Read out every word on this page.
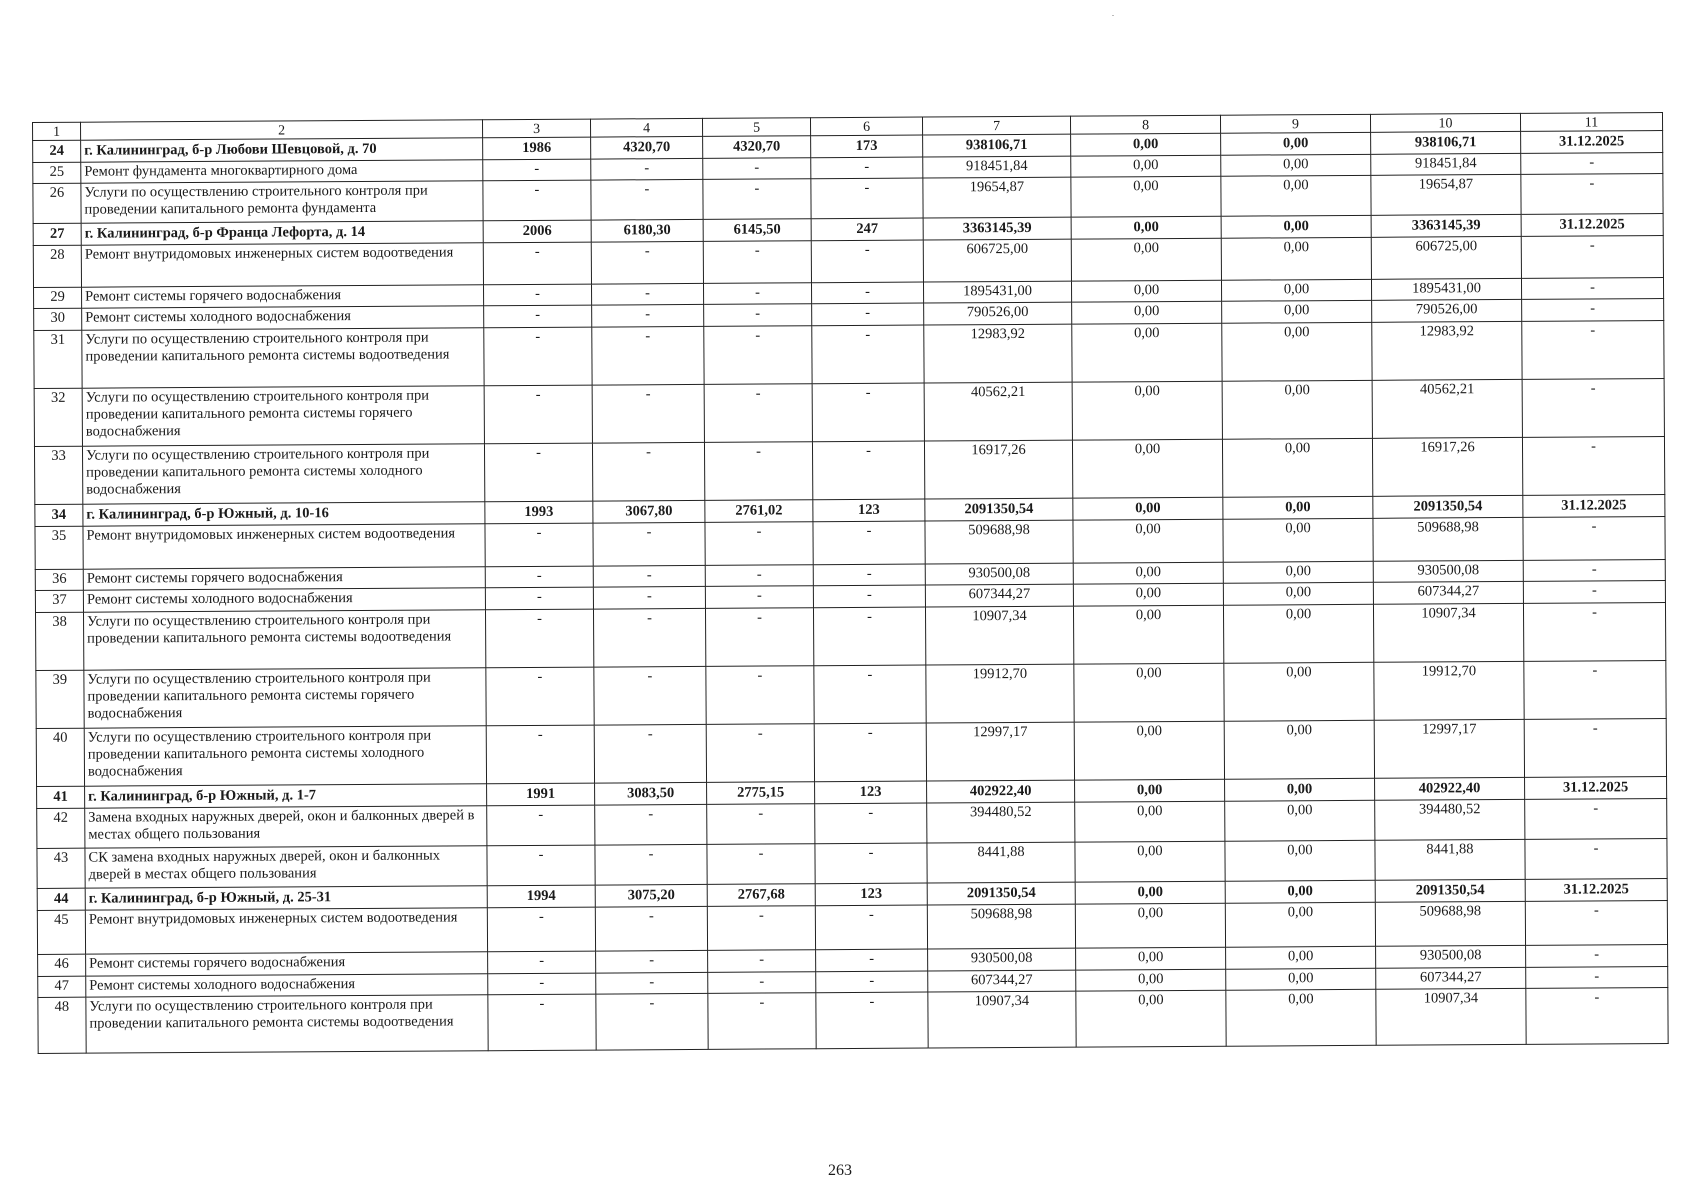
1	2	3	4	5	6	7	8	9	10	11
24	г. Калининград, б-р Любови Шевцовой, д. 70	1986	4320,70	4320,70	173	938106,71	0,00	0,00	938106,71	31.12.2025
25	Ремонт фундамента многоквартирного дома	-	-	-	-	918451,84	0,00	0,00	918451,84	-
26	Услуги по осуществлению строительного контроля при проведении капитального ремонта фундамента	-	-	-	-	19654,87	0,00	0,00	19654,87	-
27	г. Калининград, б-р Франца Лефорта, д. 14	2006	6180,30	6145,50	247	3363145,39	0,00	0,00	3363145,39	31.12.2025
28	Ремонт внутридомовых инженерных систем водоотведения	-	-	-	-	606725,00	0,00	0,00	606725,00	-
29	Ремонт системы горячего водоснабжения	-	-	-	-	1895431,00	0,00	0,00	1895431,00	-
30	Ремонт системы холодного водоснабжения	-	-	-	-	790526,00	0,00	0,00	790526,00	-
31	Услуги по осуществлению строительного контроля при проведении капитального ремонта системы водоотведения	-	-	-	-	12983,92	0,00	0,00	12983,92	-
32	Услуги по осуществлению строительного контроля при проведении капитального ремонта системы горячего водоснабжения	-	-	-	-	40562,21	0,00	0,00	40562,21	-
33	Услуги по осуществлению строительного контроля при проведении капитального ремонта системы холодного водоснабжения	-	-	-	-	16917,26	0,00	0,00	16917,26	-
34	г. Калининград, б-р Южный, д. 10-16	1993	3067,80	2761,02	123	2091350,54	0,00	0,00	2091350,54	31.12.2025
35	Ремонт внутридомовых инженерных систем водоотведения	-	-	-	-	509688,98	0,00	0,00	509688,98	-
36	Ремонт системы горячего водоснабжения	-	-	-	-	930500,08	0,00	0,00	930500,08	-
37	Ремонт системы холодного водоснабжения	-	-	-	-	607344,27	0,00	0,00	607344,27	-
38	Услуги по осуществлению строительного контроля при проведении капитального ремонта системы водоотведения	-	-	-	-	10907,34	0,00	0,00	10907,34	-
39	Услуги по осуществлению строительного контроля при проведении капитального ремонта системы горячего водоснабжения	-	-	-	-	19912,70	0,00	0,00	19912,70	-
40	Услуги по осуществлению строительного контроля при проведении капитального ремонта системы холодного водоснабжения	-	-	-	-	12997,17	0,00	0,00	12997,17	-
41	г. Калининград, б-р Южный, д. 1-7	1991	3083,50	2775,15	123	402922,40	0,00	0,00	402922,40	31.12.2025
42	Замена входных наружных дверей, окон и балконных дверей в местах общего пользования	-	-	-	-	394480,52	0,00	0,00	394480,52	-
43	СК замена входных наружных дверей, окон и балконных дверей в местах общего пользования	-	-	-	-	8441,88	0,00	0,00	8441,88	-
44	г. Калининград, б-р Южный, д. 25-31	1994	3075,20	2767,68	123	2091350,54	0,00	0,00	2091350,54	31.12.2025
45	Ремонт внутридомовых инженерных систем водоотведения	-	-	-	-	509688,98	0,00	0,00	509688,98	-
46	Ремонт системы горячего водоснабжения	-	-	-	-	930500,08	0,00	0,00	930500,08	-
47	Ремонт системы холодного водоснабжения	-	-	-	-	607344,27	0,00	0,00	607344,27	-
48	Услуги по осуществлению строительного контроля при проведении капитального ремонта системы водоотведения	-	-	-	-	10907,34	0,00	0,00	10907,34	-
263
